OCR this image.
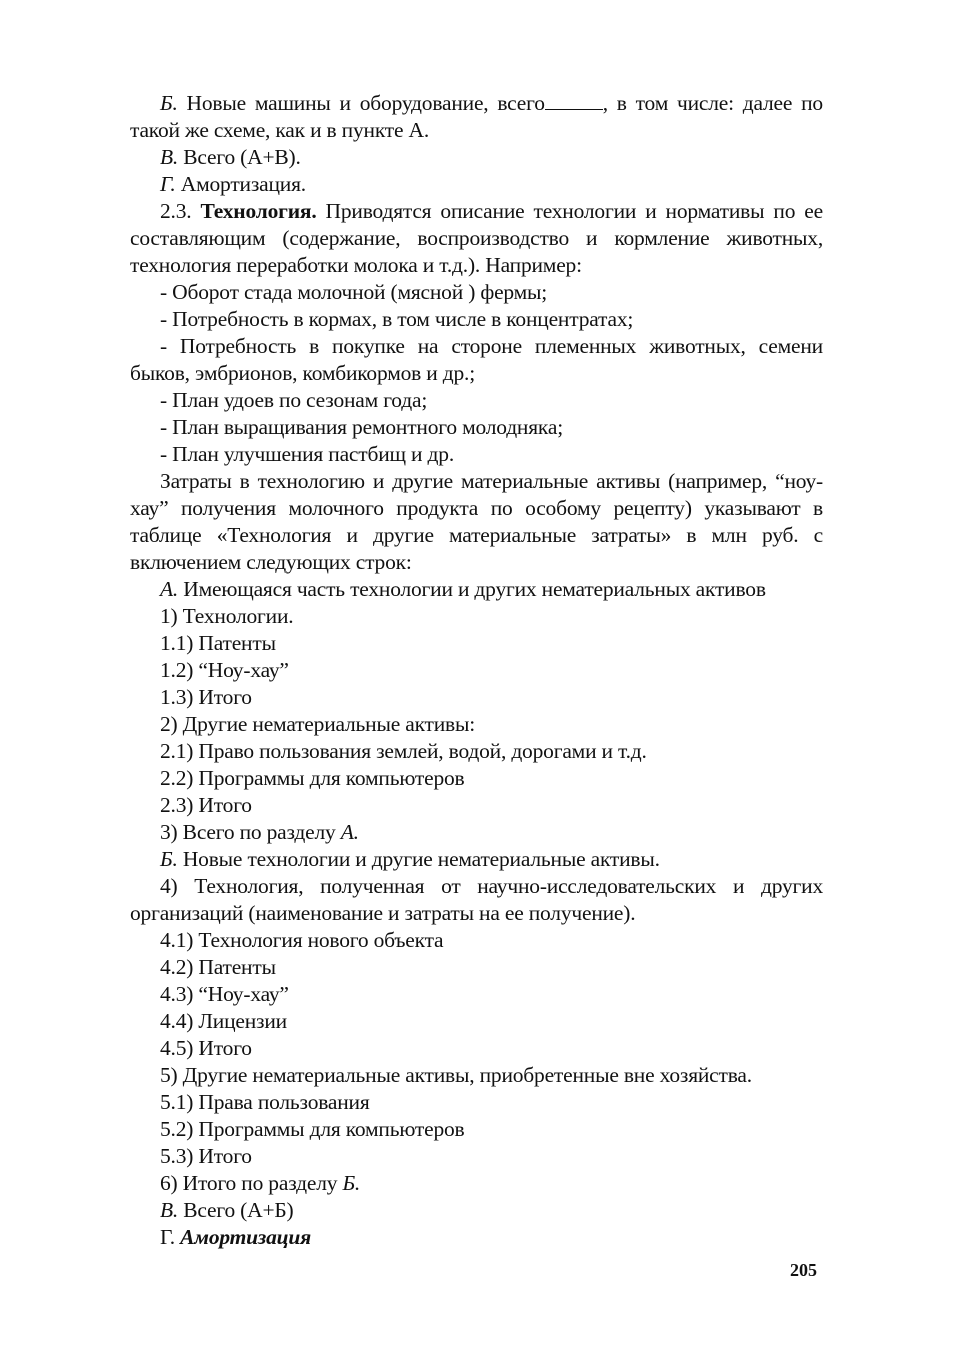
Б. Новые машины и оборудование, всего	, в том числе: далее по такой же схеме, как и в пункте А.

В. Всего (А+В).

Г. Амортизация.

2.3. Технология. Приводятся описание технологии и нормативы по ее составляющим (содержание, воспроизводство и кормление животных, технология переработки молока и т.д.). Например:

- Оборот стада молочной (мясной ) фермы;

- Потребность в кормах, в том числе в концентратах;

- Потребность в покупке на стороне племенных животных, семени быков, эмбрионов, комбикормов и др.;

- План удоев по сезонам года;

- План выращивания ремонтного молодняка;

- План улучшения пастбищ и др.

Затраты в технологию и другие материальные активы (например, “ноу-хау” получения молочного продукта по особому рецепту) указывают в таблице «Технология и другие материальные затраты» в млн руб. с включением следующих строк:

А. Имеющаяся часть технологии и других нематериальных активов

1) Технологии.

1.1) Патенты

1.2) “Ноу-хау”

1.3) Итого

2) Другие нематериальные активы:

2.1) Право пользования землей, водой, дорогами и т.д.

2.2) Программы для компьютеров

2.3) Итого

3) Всего по разделу А.

Б. Новые технологии и другие нематериальные активы.

4) Технология, полученная от научно-исследовательских и других организаций (наименование и затраты на ее получение).

4.1) Технология нового объекта

4.2) Патенты

4.3) “Ноу-хау”

4.4) Лицензии

4.5) Итого

5) Другие нематериальные активы, приобретенные вне хозяйства.

5.1) Права пользования

5.2) Программы для компьютеров

5.3) Итого

6) Итого по разделу Б.

В. Всего (А+Б)

Г. Амортизация

205
